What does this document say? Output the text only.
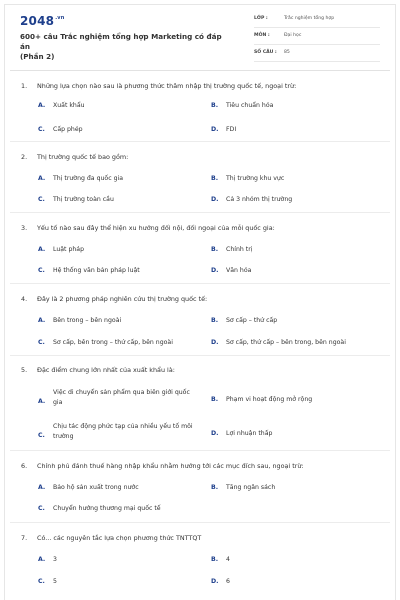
$2048^{.vn}$
600+ câu Trắc nghiệm tổng hợp Marketing có đáp án
(Phần 2)
LỚP :	Trắc nghiệm tổng hợp
MÔN :	Đại học
SỐ CÂU : 85
1. Những lựa chọn nào sau là phương thức thâm nhập thị trường quốc tế, ngoại trừ:
A. Xuất khẩu	B. Tiêu chuẩn hóa
C. Cấp phép	D. FDI
2. Thị trường quốc tế bao gồm:
A. Thị trường đa quốc gia	B. Thị trường khu vực
C. Thị trường toàn cầu	D. Cả 3 nhóm thị trường
3. Yếu tố nào sau đây thể hiện xu hướng đối nội, đối ngoại của mỗi quốc gia:
A. Luật pháp	B. Chính trị
C. Hệ thống văn bản pháp luật	D. Văn hóa
4. Đây là 2 phương pháp nghiên cứu thị trường quốc tế:
A. Bên trong – bên ngoài	B. Sơ cấp – thứ cấp
C. Sơ cấp, bên trong – thứ cấp, bên ngoài	D. Sơ cấp, thứ cấp – bên trong, bên ngoài
5. Đặc điểm chung lớn nhất của xuất khẩu là:
A.
Việc di chuyển sản phẩm qua biên giới quốc gia	B. Phạm vi hoạt động mở rộng
C.
Chịu tác động phức tạp của nhiều yếu tố môi trường	D. Lợi nhuận thấp
6. Chính phủ đánh thuế hàng nhập khẩu nhằm hướng tới các mục đích sau, ngoại trừ:
A. Bảo hộ sản xuất trong nước	B. Tăng ngân sách
C. Chuyển hướng thương mại quốc tế
7. Có... các nguyên tắc lựa chọn phương thức TNTTQT
A. 3	B. 4
C. 5	D. 6
